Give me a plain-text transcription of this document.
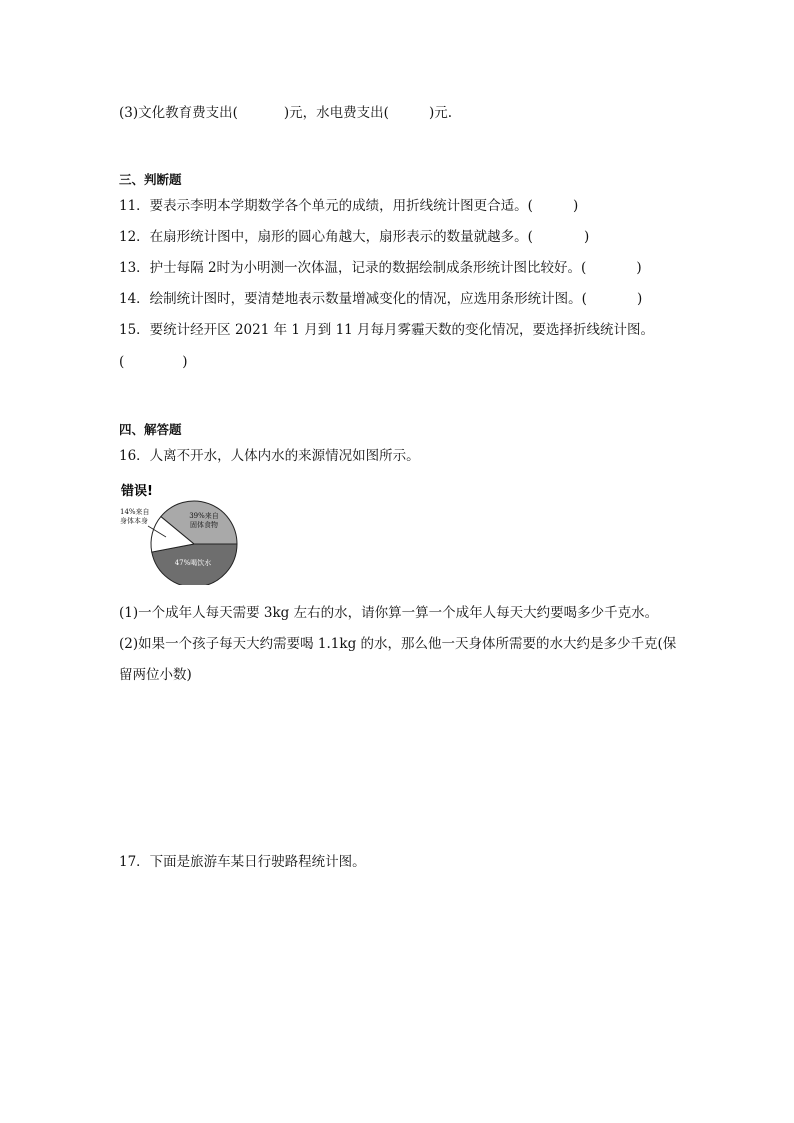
(3)文化教育费支出(	)元，水电费支出(	)元.
三、判断题
11．要表示李明本学期数学各个单元的成绩，用折线统计图更合适。(	)
12．在扇形统计图中，扇形的圆心角越大，扇形表示的数量就越多。(	)
13．护士每隔 2时为小明测一次体温，记录的数据绘制成条形统计图比较好。(	)
14．绘制统计图时，要清楚地表示数量增减变化的情况，应选用条形统计图。(	)
15．要统计经开区 2021 年 1 月到 11 月每月雾霾天数的变化情况，要选择折线统计图。
(	)
四、解答题
16．人离不开水，人体内水的来源情况如图所示。
错误!
39%来自固体食物
47%喝饮水
14%来自身体本身
(1)一个成年人每天需要 3kg 左右的水，请你算一算一个成年人每天大约要喝多少千克水。
(2)如果一个孩子每天大约需要喝 1.1kg 的水，那么他一天身体所需要的水大约是多少千克(保
留两位小数)
17．下面是旅游车某日行驶路程统计图。
